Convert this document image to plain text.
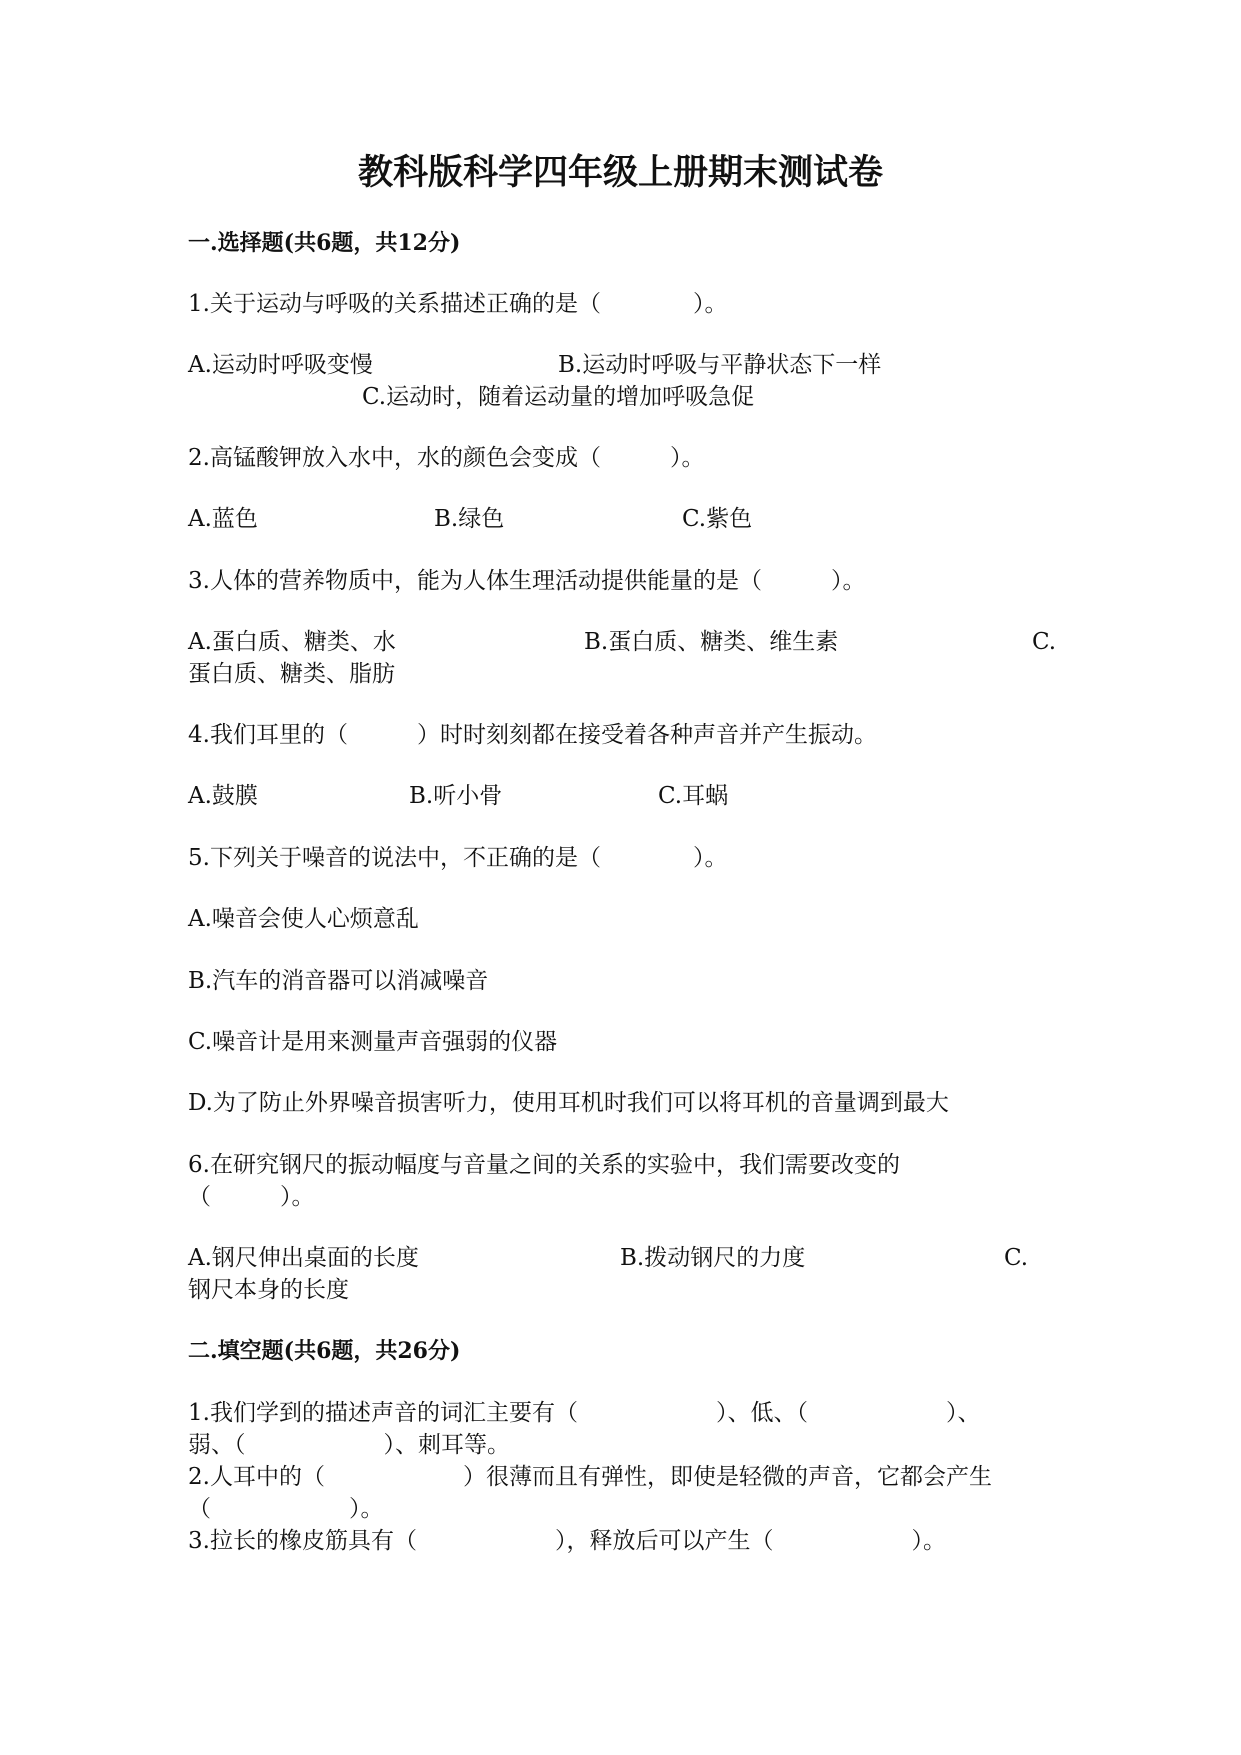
教科版科学四年级上册期末测试卷
一.选择题(共6题，共12分)
1.关于运动与呼吸的关系描述正确的是（　　　　）。
A.运动时呼吸变慢	B.运动时呼吸与平静状态下一样
C.运动时，随着运动量的增加呼吸急促
2.高锰酸钾放入水中，水的颜色会变成（　　　）。
A.蓝色	B.绿色	C.紫色
3.人体的营养物质中，能为人体生理活动提供能量的是（　　　）。
A.蛋白质、糖类、水	B.蛋白质、糖类、维生素	C.
蛋白质、糖类、脂肪
4.我们耳里的（　　　）时时刻刻都在接受着各种声音并产生振动。
A.鼓膜	B.听小骨	C.耳蜗
5.下列关于噪音的说法中，不正确的是（　　　　）。
A.噪音会使人心烦意乱
B.汽车的消音器可以消减噪音
C.噪音计是用来测量声音强弱的仪器
D.为了防止外界噪音损害听力，使用耳机时我们可以将耳机的音量调到最大
6.在研究钢尺的振动幅度与音量之间的关系的实验中，我们需要改变的
（　　　）。
A.钢尺伸出桌面的长度	B.拨动钢尺的力度	C.
钢尺本身的长度
二.填空题(共6题，共26分)
1.我们学到的描述声音的词汇主要有（　　　　　　）、低、（　　　　　　）、
弱、（　　　　　　）、刺耳等。
2.人耳中的（　　　　　　）很薄而且有弹性，即使是轻微的声音，它都会产生
（　　　　　　）。
3.拉长的橡皮筋具有（　　　　　　），释放后可以产生（　　　　　　）。
